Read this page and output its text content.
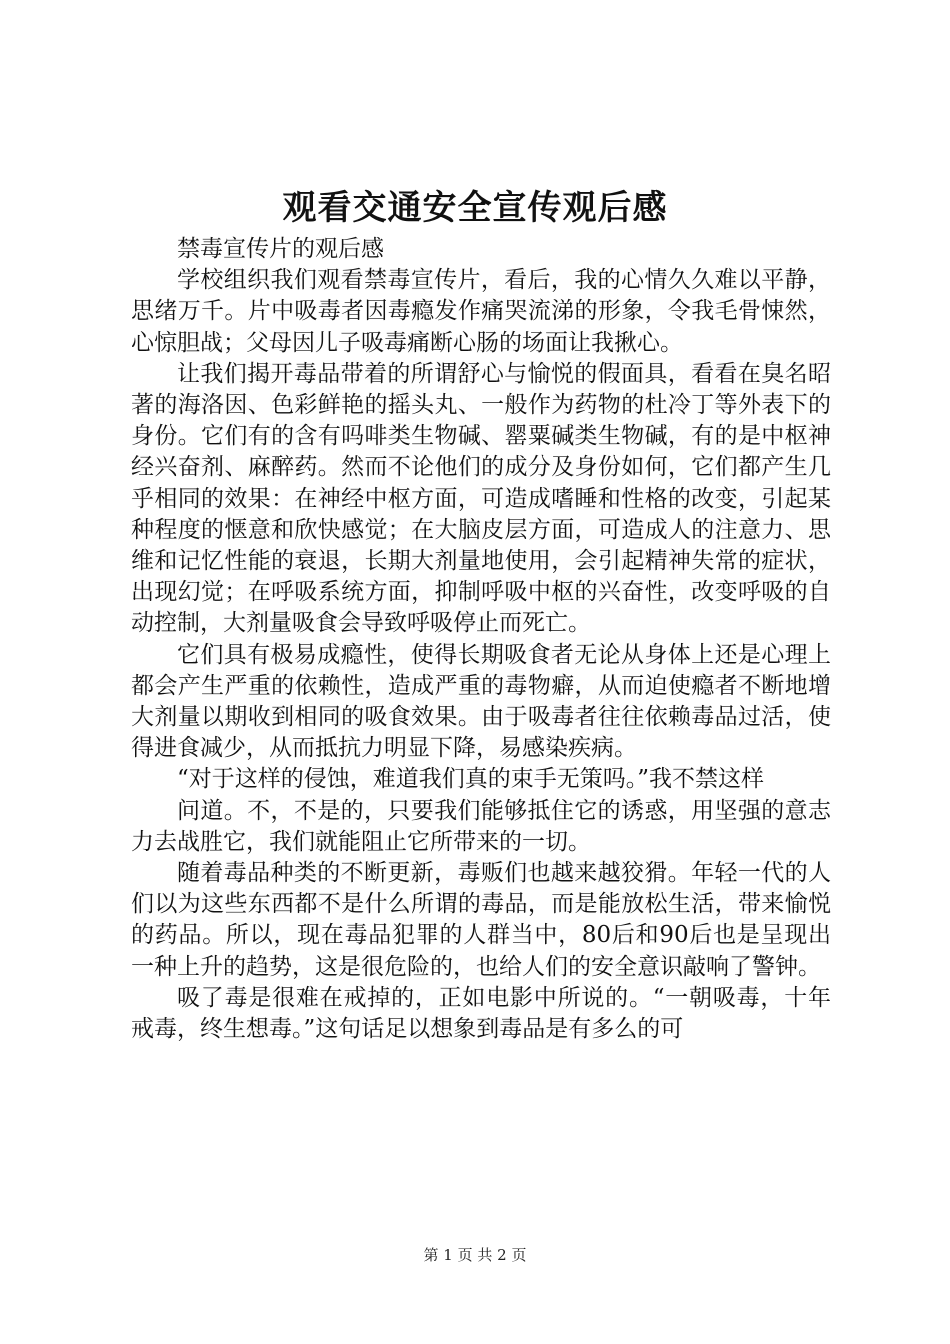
观看交通安全宣传观后感

禁毒宣传片的观后感

学校组织我们观看禁毒宣传片，看后，我的心情久久难以平静，思绪万千。片中吸毒者因毒瘾发作痛哭流涕的形象，令我毛骨悚然，心惊胆战；父母因儿子吸毒痛断心肠的场面让我揪心。

让我们揭开毒品带着的所谓舒心与愉悦的假面具，看看在臭名昭著的海洛因、色彩鲜艳的摇头丸、一般作为药物的杜冷丁等外表下的身份。它们有的含有吗啡类生物碱、罂粟碱类生物碱，有的是中枢神经兴奋剂、麻醉药。然而不论他们的成分及身份如何，它们都产生几乎相同的效果：在神经中枢方面，可造成嗜睡和性格的改变，引起某种程度的惬意和欣快感觉；在大脑皮层方面，可造成人的注意力、思维和记忆性能的衰退，长期大剂量地使用，会引起精神失常的症状，出现幻觉；在呼吸系统方面，抑制呼吸中枢的兴奋性，改变呼吸的自动控制，大剂量吸食会导致呼吸停止而死亡。

它们具有极易成瘾性，使得长期吸食者无论从身体上还是心理上都会产生严重的依赖性，造成严重的毒物癖，从而迫使瘾者不断地增大剂量以期收到相同的吸食效果。由于吸毒者往往依赖毒品过活，使得进食减少，从而抵抗力明显下降，易感染疾病。

“对于这样的侵蚀，难道我们真的束手无策吗。”我不禁这样

问道。不，不是的，只要我们能够抵住它的诱惑，用坚强的意志力去战胜它，我们就能阻止它所带来的一切。

随着毒品种类的不断更新，毒贩们也越来越狡猾。年轻一代的人们以为这些东西都不是什么所谓的毒品，而是能放松生活，带来愉悦的药品。所以，现在毒品犯罪的人群当中，80后和90后也是呈现出一种上升的趋势，这是很危险的，也给人们的安全意识敲响了警钟。

吸了毒是很难在戒掉的，正如电影中所说的。“一朝吸毒，十年戒毒，终生想毒。”这句话足以想象到毒品是有多么的可

第 1 页 共 2 页
